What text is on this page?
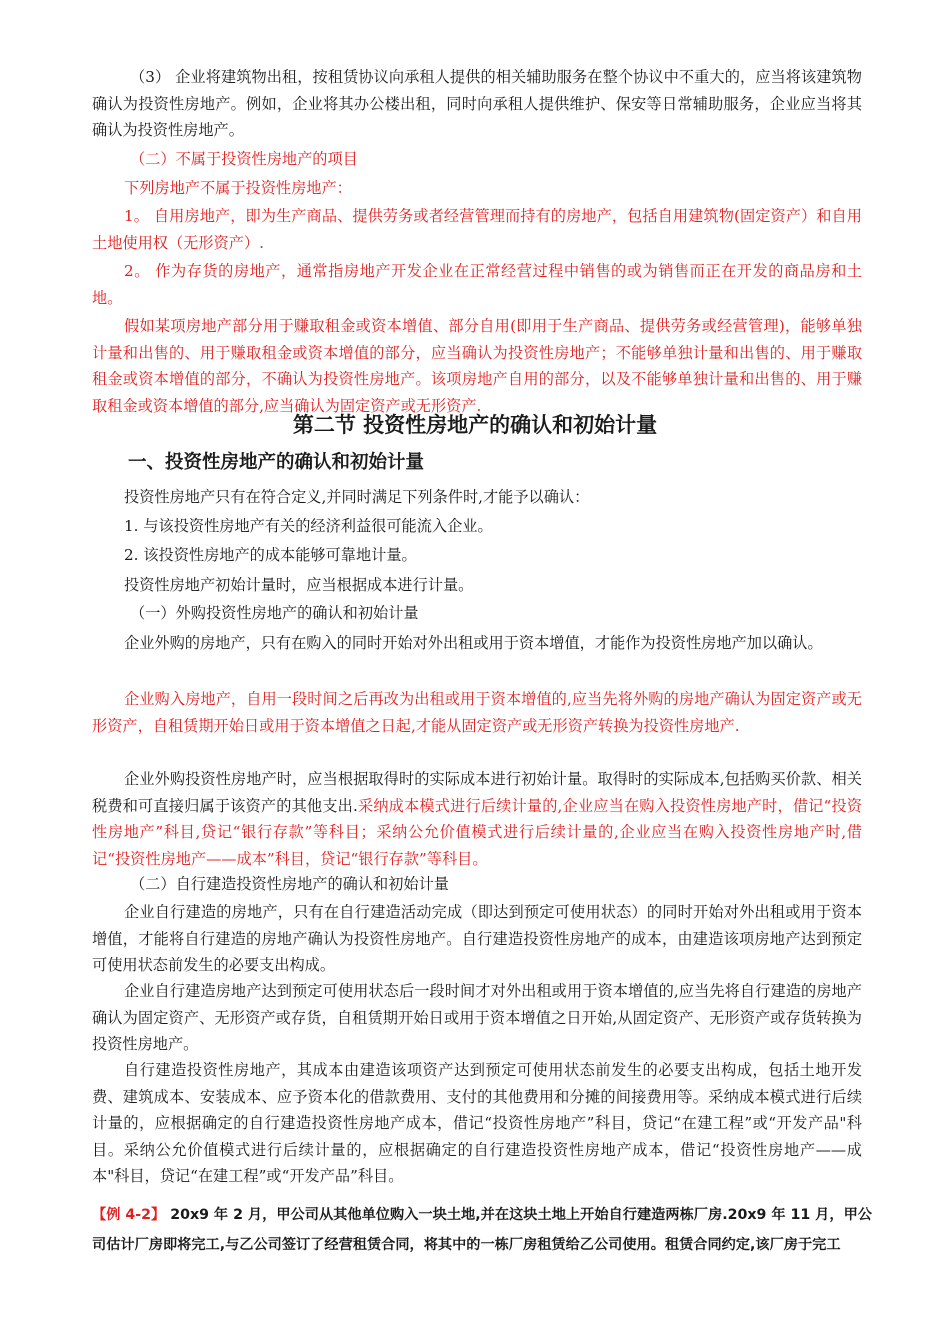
（3） 企业将建筑物出租，按租赁协议向承租人提供的相关辅助服务在整个协议中不重大的，应当将该建筑物确认为投资性房地产。例如，企业将其办公楼出租，同时向承租人提供维护、保安等日常辅助服务，企业应当将其确认为投资性房地产。

（二）不属于投资性房地产的项目

下列房地产不属于投资性房地产：

1。 自用房地产，即为生产商品、提供劳务或者经营管理而持有的房地产，包括自用建筑物(固定资产）和自用土地使用权（无形资产）.

2。 作为存货的房地产，通常指房地产开发企业在正常经营过程中销售的或为销售而正在开发的商品房和土地。

假如某项房地产部分用于赚取租金或资本增值、部分自用(即用于生产商品、提供劳务或经营管理)，能够单独计量和出售的、用于赚取租金或资本增值的部分，应当确认为投资性房地产；不能够单独计量和出售的、用于赚取租金或资本增值的部分，不确认为投资性房地产。该项房地产自用的部分，以及不能够单独计量和出售的、用于赚取租金或资本增值的部分,应当确认为固定资产或无形资产.

第二节 投资性房地产的确认和初始计量
一、投资性房地产的确认和初始计量

投资性房地产只有在符合定义,并同时满足下列条件时,才能予以确认：

1. 与该投资性房地产有关的经济利益很可能流入企业。

2. 该投资性房地产的成本能够可靠地计量。

投资性房地产初始计量时，应当根据成本进行计量。

（一）外购投资性房地产的确认和初始计量

企业外购的房地产，只有在购入的同时开始对外出租或用于资本增值，才能作为投资性房地产加以确认。

企业购入房地产，自用一段时间之后再改为出租或用于资本增值的,应当先将外购的房地产确认为固定资产或无形资产，自租赁期开始日或用于资本增值之日起,才能从固定资产或无形资产转换为投资性房地产.

企业外购投资性房地产时，应当根据取得时的实际成本进行初始计量。取得时的实际成本,包括购买价款、相关税费和可直接归属于该资产的其他支出.采纳成本模式进行后续计量的,企业应当在购入投资性房地产时，借记“投资性房地产”科目,贷记“银行存款”等科目；采纳公允价值模式进行后续计量的,企业应当在购入投资性房地产时,借记“投资性房地产——成本”科目，贷记“银行存款”等科目。

（二）自行建造投资性房地产的确认和初始计量

企业自行建造的房地产，只有在自行建造活动完成（即达到预定可使用状态）的同时开始对外出租或用于资本增值，才能将自行建造的房地产确认为投资性房地产。自行建造投资性房地产的成本，由建造该项房地产达到预定可使用状态前发生的必要支出构成。

企业自行建造房地产达到预定可使用状态后一段时间才对外出租或用于资本增值的,应当先将自行建造的房地产确认为固定资产、无形资产或存货，自租赁期开始日或用于资本增值之日开始,从固定资产、无形资产或存货转换为投资性房地产。

自行建造投资性房地产，其成本由建造该项资产达到预定可使用状态前发生的必要支出构成，包括土地开发费、建筑成本、安装成本、应予资本化的借款费用、支付的其他费用和分摊的间接费用等。采纳成本模式进行后续计量的，应根据确定的自行建造投资性房地产成本，借记“投资性房地产”科目，贷记“在建工程”或“开发产品"科目。采纳公允价值模式进行后续计量的，应根据确定的自行建造投资性房地产成本，借记“投资性房地产——成本"科目，贷记“在建工程”或“开发产品”科目。

【例 4-2】 20x9 年 2 月，甲公司从其他单位购入一块土地,并在这块土地上开始自行建造两栋厂房.20x9 年 11 月，甲公司估计厂房即将完工,与乙公司签订了经营租赁合同，将其中的一栋厂房租赁给乙公司使用。租赁合同约定,该厂房于完工
